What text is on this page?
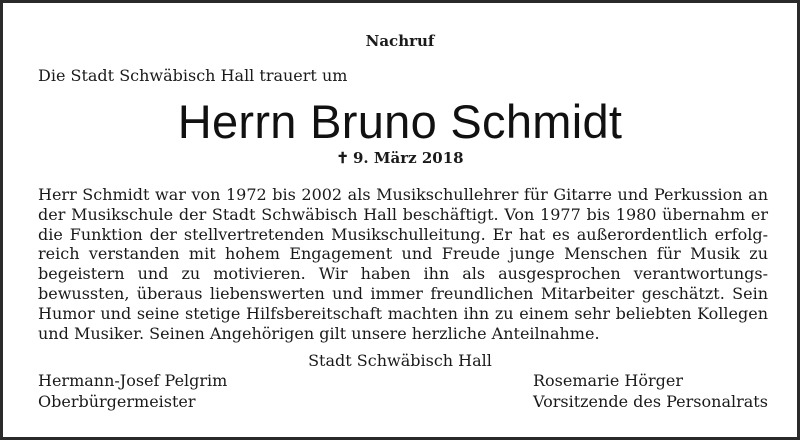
Nachruf
Die Stadt Schwäbisch Hall trauert um
Herrn Bruno Schmidt
✝ 9. März 2018
Herr Schmidt war von 1972 bis 2002 als Musikschullehrer für Gitarre und Perkussion an
der Musikschule der Stadt Schwäbisch Hall beschäftigt. Von 1977 bis 1980 übernahm er
die Funktion der stellvertretenden Musikschulleitung. Er hat es außerordentlich erfolg-
reich verstanden mit hohem Engagement und Freude junge Menschen für Musik zu
begeistern und zu motivieren. Wir haben ihn als ausgesprochen verantwortungs-
bewussten, überaus liebenswerten und immer freundlichen Mitarbeiter geschätzt. Sein
Humor und seine stetige Hilfsbereitschaft machten ihn zu einem sehr beliebten Kollegen
und Musiker. Seinen Angehörigen gilt unsere herzliche Anteilnahme.
Stadt Schwäbisch Hall
Hermann-Josef Pelgrim
Oberbürgermeister
Rosemarie Hörger
Vorsitzende des Personalrats
